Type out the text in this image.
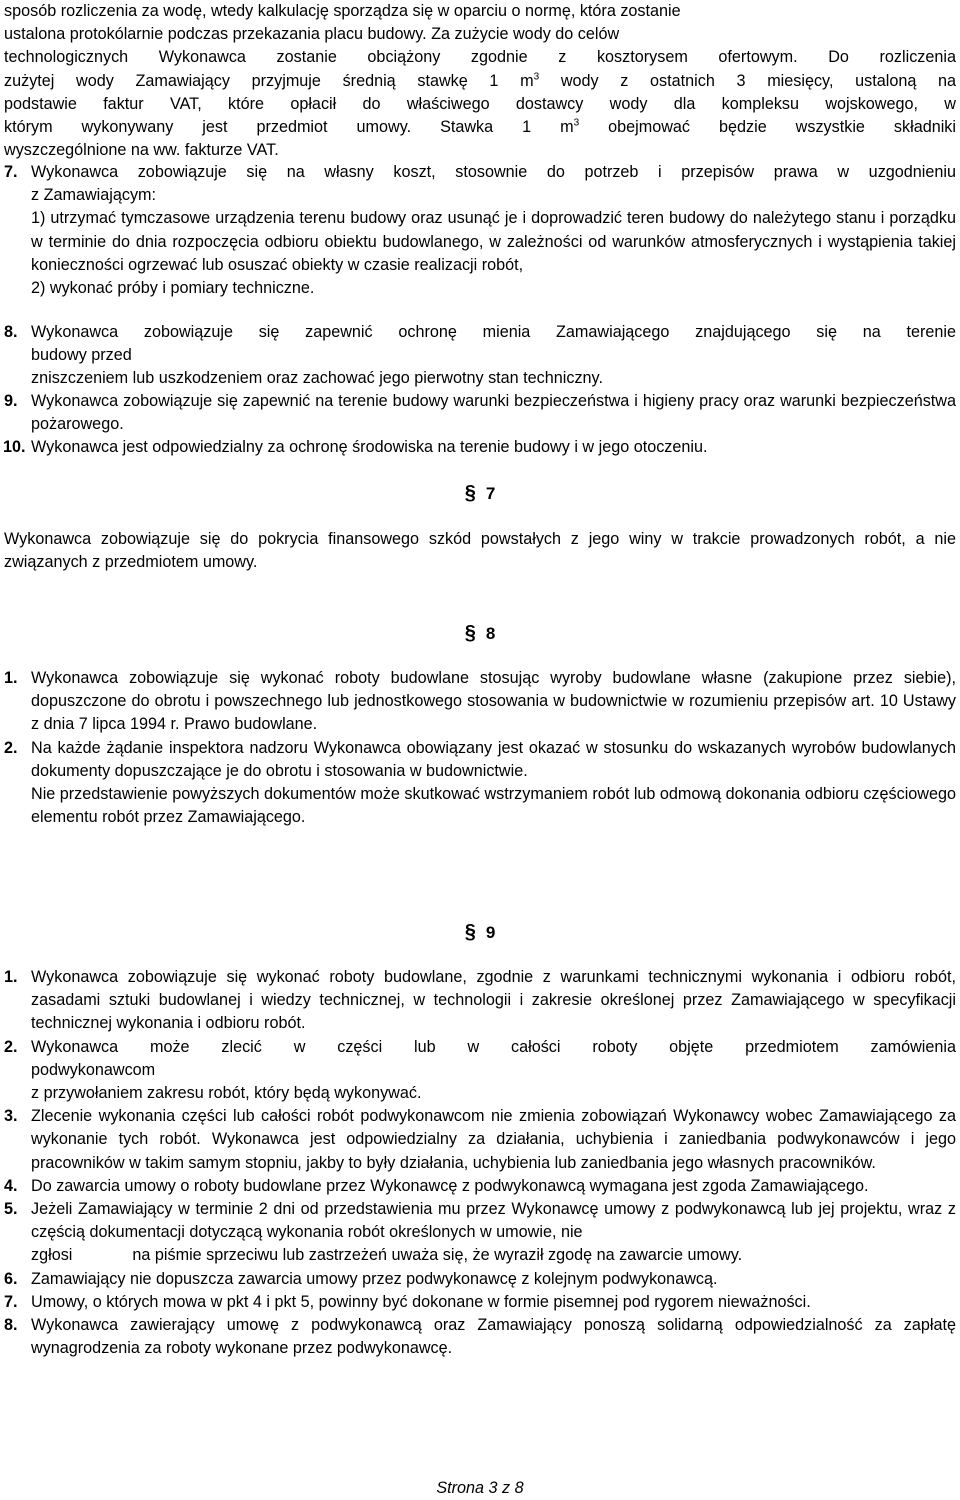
sposób rozliczenia za wodę, wtedy kalkulację sporządza się w oparciu o normę, która zostanie

ustalona protokólarnie podczas przekazania placu budowy. Za zużycie wody do celów

technologicznych Wykonawca zostanie obciążony zgodnie z kosztorysem ofertowym. Do rozliczenia

zużytej wody Zamawiający przyjmuje średnią stawkę 1 $m^3$ wody z ostatnich 3 miesięcy, ustaloną na

podstawie faktur VAT, które opłacił do właściwego dostawcy wody dla kompleksu wojskowego, w

którym wykonywany jest przedmiot umowy. Stawka 1 $m^3$ obejmować będzie wszystkie składniki

wyszczególnione na ww. fakturze VAT.

7. Wykonawca zobowiązuje się na własny koszt, stosownie do potrzeb i przepisów prawa w uzgodnieniu

z Zamawiającym:

1) utrzymać tymczasowe urządzenia terenu budowy oraz usunąć je i doprowadzić teren budowy do należytego stanu i porządku w terminie do dnia rozpoczęcia odbioru obiektu budowlanego, w zależności od warunków atmosferycznych i wystąpienia takiej konieczności ogrzewać lub osuszać obiekty w czasie realizacji robót,

2) wykonać próby i pomiary techniczne.

8. Wykonawca zobowiązuje się zapewnić ochronę mienia Zamawiającego znajdującego się na terenie

budowy przed

zniszczeniem lub uszkodzeniem oraz zachować jego pierwotny stan techniczny.

9. Wykonawca zobowiązuje się zapewnić na terenie budowy warunki bezpieczeństwa i higieny pracy oraz warunki bezpieczeństwa pożarowego.

10. Wykonawca jest odpowiedzialny za ochronę środowiska na terenie budowy i w jego otoczeniu.

§ 7

Wykonawca zobowiązuje się do pokrycia finansowego szkód powstałych z jego winy w trakcie prowadzonych robót, a nie związanych z przedmiotem umowy.

§ 8
1. Wykonawca zobowiązuje się wykonać roboty budowlane stosując wyroby budowlane własne (zakupione przez siebie), dopuszczone do obrotu i powszechnego lub jednostkowego stosowania w budownictwie w rozumieniu przepisów art. 10 Ustawy z dnia 7 lipca 1994 r. Prawo budowlane.

2. Na każde żądanie inspektora nadzoru Wykonawca obowiązany jest okazać w stosunku do wskazanych wyrobów budowlanych dokumenty dopuszczające je do obrotu i stosowania w budownictwie.

Nie przedstawienie powyższych dokumentów może skutkować wstrzymaniem robót lub odmową dokonania odbioru częściowego elementu robót przez Zamawiającego.

§ 9
1. Wykonawca zobowiązuje się wykonać roboty budowlane, zgodnie z warunkami technicznymi wykonania i odbioru robót, zasadami sztuki budowlanej i wiedzy technicznej, w technologii i zakresie określonej przez Zamawiającego w specyfikacji technicznej wykonania i odbioru robót.

2. Wykonawca może zlecić w części lub w całości roboty objęte przedmiotem zamówienia

podwykonawcom

z przywołaniem zakresu robót, który będą wykonywać.

3. Zlecenie wykonania części lub całości robót podwykonawcom nie zmienia zobowiązań Wykonawcy wobec Zamawiającego za wykonanie tych robót. Wykonawca jest odpowiedzialny za działania, uchybienia i zaniedbania podwykonawców i jego pracowników w takim samym stopniu, jakby to były działania, uchybienia lub zaniedbania jego własnych pracowników.

4. Do zawarcia umowy o roboty budowlane przez Wykonawcę z podwykonawcą wymagana jest zgoda Zamawiającego.

5. Jeżeli Zamawiający w terminie 2 dni od przedstawienia mu przez Wykonawcę umowy z podwykonawcą lub jej projektu, wraz z częścią dokumentacji dotyczącą wykonania robót określonych w umowie, nie

zgłosi	na piśmie sprzeciwu lub zastrzeżeń uważa się, że wyraził zgodę na zawarcie umowy.

6. Zamawiający nie dopuszcza zawarcia umowy przez podwykonawcę z kolejnym podwykonawcą.

7. Umowy, o których mowa w pkt 4 i pkt 5, powinny być dokonane w formie pisemnej pod rygorem nieważności.

8. Wykonawca zawierający umowę z podwykonawcą oraz Zamawiający ponoszą solidarną odpowiedzialność za zapłatę wynagrodzenia za roboty wykonane przez podwykonawcę.

Strona 3 z 8
